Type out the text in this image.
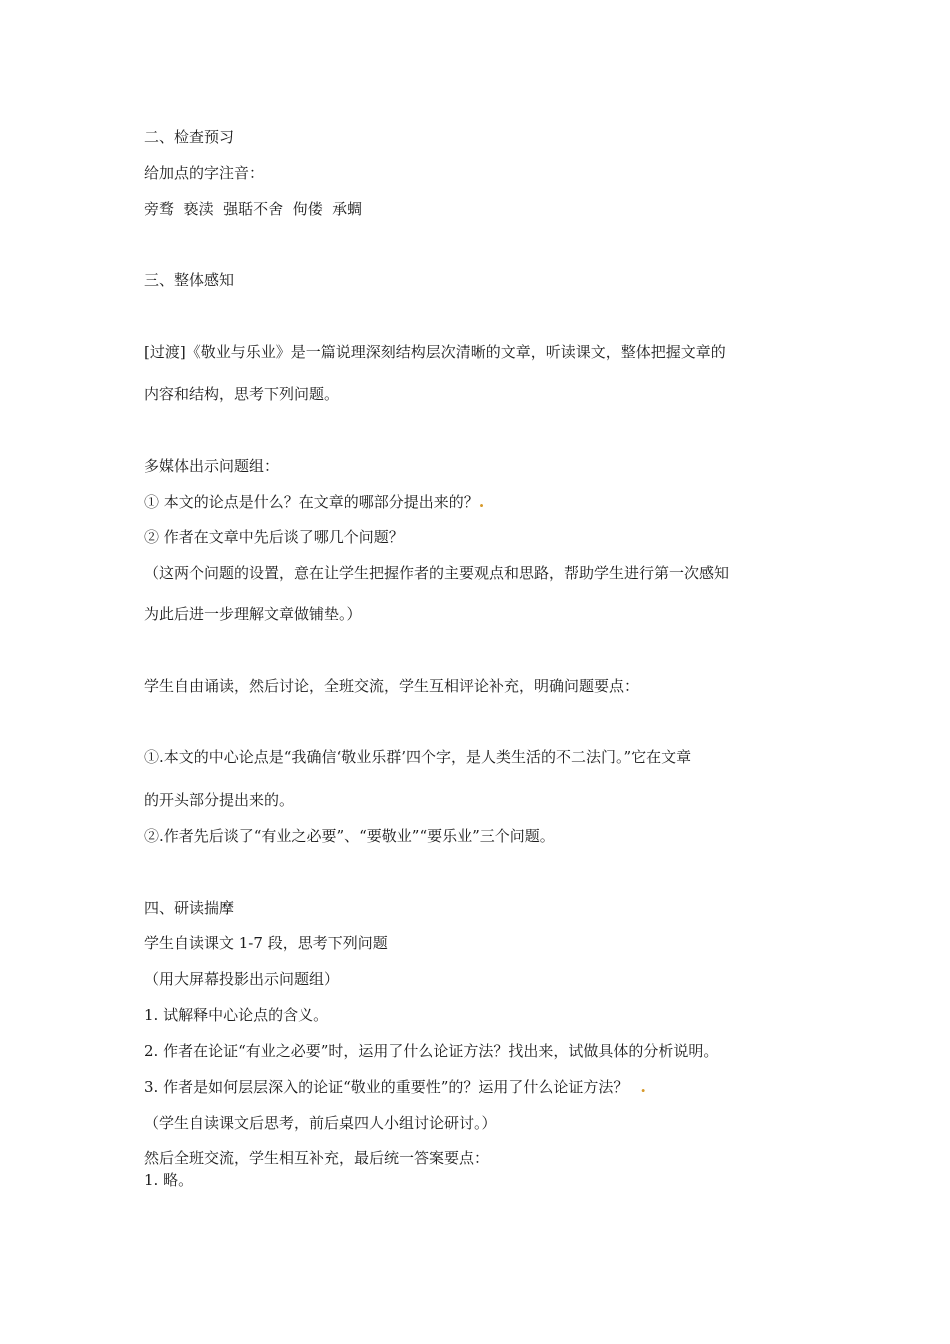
二、检查预习

给加点的字注音：

旁骛  亵渎  强聒不舍  佝偻  承蜩

三、整体感知

[过渡]《敬业与乐业》是一篇说理深刻结构层次清晰的文章，听读课文，整体把握文章的

内容和结构，思考下列问题。

多媒体出示问题组：

① 本文的论点是什么？在文章的哪部分提出来的？.

② 作者在文章中先后谈了哪几个问题？

（这两个问题的设置，意在让学生把握作者的主要观点和思路，帮助学生进行第一次感知

为此后进一步理解文章做铺垫。）

学生自由诵读，然后讨论，全班交流，学生互相评论补充，明确问题要点：

①.本文的中心论点是“我确信‘敬业乐群’四个字，是人类生活的不二法门。”它在文章

的开头部分提出来的。

②.作者先后谈了“有业之必要”、“要敬业”“要乐业”三个问题。

四、研读揣摩

学生自读课文 1-7 段，思考下列问题

（用大屏幕投影出示问题组）

1. 试解释中心论点的含义。

2. 作者在论证“有业之必要”时，运用了什么论证方法？找出来，试做具体的分析说明。

3. 作者是如何层层深入的论证“敬业的重要性”的？运用了什么论证方法？ .

（学生自读课文后思考，前后桌四人小组讨论研讨。）

然后全班交流，学生相互补充，最后统一答案要点：

1. 略。
